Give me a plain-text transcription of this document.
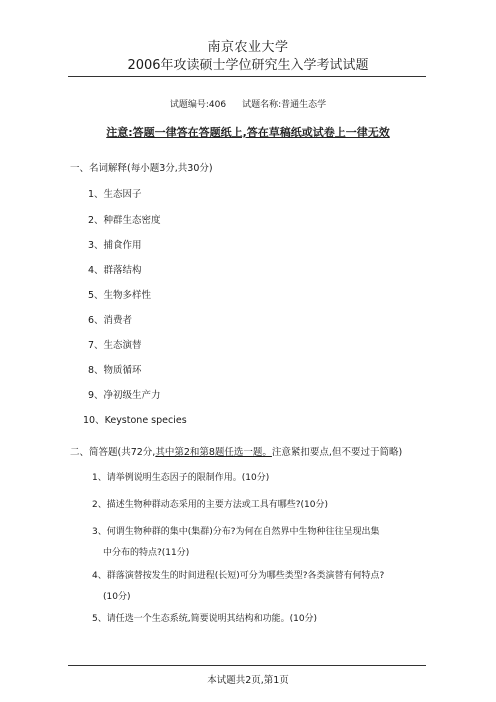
南京农业大学
2006年攻读硕士学位研究生入学考试试题
试题编号:406 试题名称:普通生态学
注意:答题一律答在答题纸上,答在草稿纸或试卷上一律无效
一、名词解释(每小题3分,共30分)
1、生态因子
2、种群生态密度
3、捕食作用
4、群落结构
5、生物多样性
6、消费者
7、生态演替
8、物质循环
9、净初级生产力
10、Keystone species
二、简答题(共72分,其中第2和第8题任选一题。注意紧扣要点,但不要过于简略)
1、请举例说明生态因子的限制作用。(10分)
2、描述生物种群动态采用的主要方法或工具有哪些?(10分)
3、何谓生物种群的集中(集群)分布?为何在自然界中生物种往往呈现出集
中分布的特点?(11分)
4、群落演替按发生的时间进程(长短)可分为哪些类型?各类演替有何特点?
(10分)
5、请任选一个生态系统,简要说明其结构和功能。(10分)
本试题共2页,第1页
